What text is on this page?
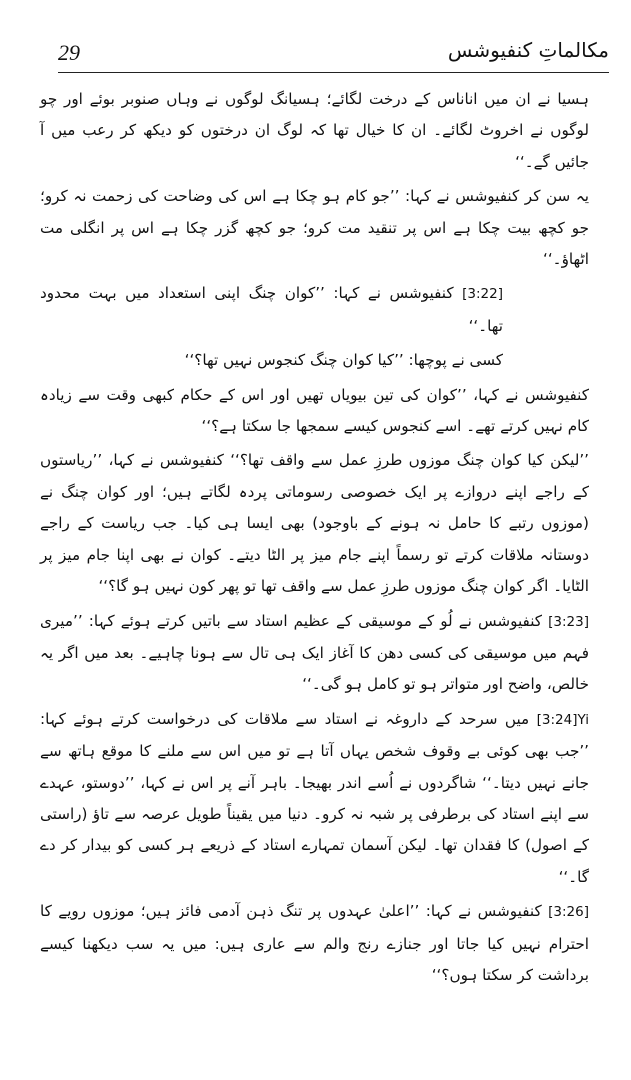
29	مکالماتِ کنفیوشس

ہسیا نے ان میں اناناس کے درخت لگائے؛ ہسیانگ لوگوں نے وہاں صنوبر بوئے اور چو لوگوں نے اخروٹ لگائے۔ ان کا خیال تھا کہ لوگ ان درختوں کو دیکھ کر رعب میں آ جائیں گے۔‘‘

یہ سن کر کنفیوشس نے کہا: ’’جو کام ہو چکا ہے اس کی وضاحت کی زحمت نہ کرو؛ جو کچھ بیت چکا ہے اس پر تنقید مت کرو؛ جو کچھ گزر چکا ہے اس پر انگلی مت اٹھاؤ۔‘‘

[3:22] کنفیوشس نے کہا: ’’کوان چنگ اپنی استعداد میں بہت محدود تھا۔‘‘

کسی نے پوچھا: ’’کیا کوان چنگ کنجوس نہیں تھا؟‘‘

کنفیوشس نے کہا، ’’کوان کی تین بیویاں تھیں اور اس کے حکام کبھی وقت سے زیادہ کام نہیں کرتے تھے۔ اسے کنجوس کیسے سمجھا جا سکتا ہے؟‘‘

’’لیکن کیا کوان چنگ موزوں طرزِ عمل سے واقف تھا؟‘‘ کنفیوشس نے کہا، ’’ریاستوں کے راجے اپنے دروازے پر ایک خصوصی رسوماتی پردہ لگاتے ہیں؛ اور کوان چنگ نے (موزوں رتبے کا حامل نہ ہونے کے باوجود) بھی ایسا ہی کیا۔ جب ریاست کے راجے دوستانہ ملاقات کرتے تو رسماً اپنے جام میز پر الٹا دیتے۔ کوان نے بھی اپنا جام میز پر الٹایا۔ اگر کوان چنگ موزوں طرزِ عمل سے واقف تھا تو پھر کون نہیں ہو گا؟‘‘

[3:23] کنفیوشس نے لُو کے موسیقی کے عظیم استاد سے باتیں کرتے ہوئے کہا: ’’میری فہم میں موسیقی کی کسی دھن کا آغاز ایک ہی تال سے ہونا چاہیے۔ بعد میں اگر یہ خالص، واضح اور متواتر ہو تو کامل ہو گی۔‘‘

[3:24]Yi میں سرحد کے داروغہ نے استاد سے ملاقات کی درخواست کرتے ہوئے کہا: ’’جب بھی کوئی بے وقوف شخص یہاں آتا ہے تو میں اس سے ملنے کا موقع ہاتھ سے جانے نہیں دیتا۔‘‘ شاگردوں نے اُسے اندر بھیجا۔ باہر آنے پر اس نے کہا، ’’دوستو، عہدے سے اپنے استاد کی برطرفی پر شبہ نہ کرو۔ دنیا میں یقیناً طویل عرصہ سے تاؤ (راستی کے اصول) کا فقدان تھا۔ لیکن آسمان تمہارے استاد کے ذریعے ہر کسی کو بیدار کر دے گا۔‘‘

[3:26] کنفیوشس نے کہا: ’’اعلیٰ عہدوں پر تنگ ذہن آدمی فائز ہیں؛ موزوں رویے کا احترام نہیں کیا جاتا اور جنازے رنج والم سے عاری ہیں: میں یہ سب دیکھنا کیسے برداشت کر سکتا ہوں؟‘‘
